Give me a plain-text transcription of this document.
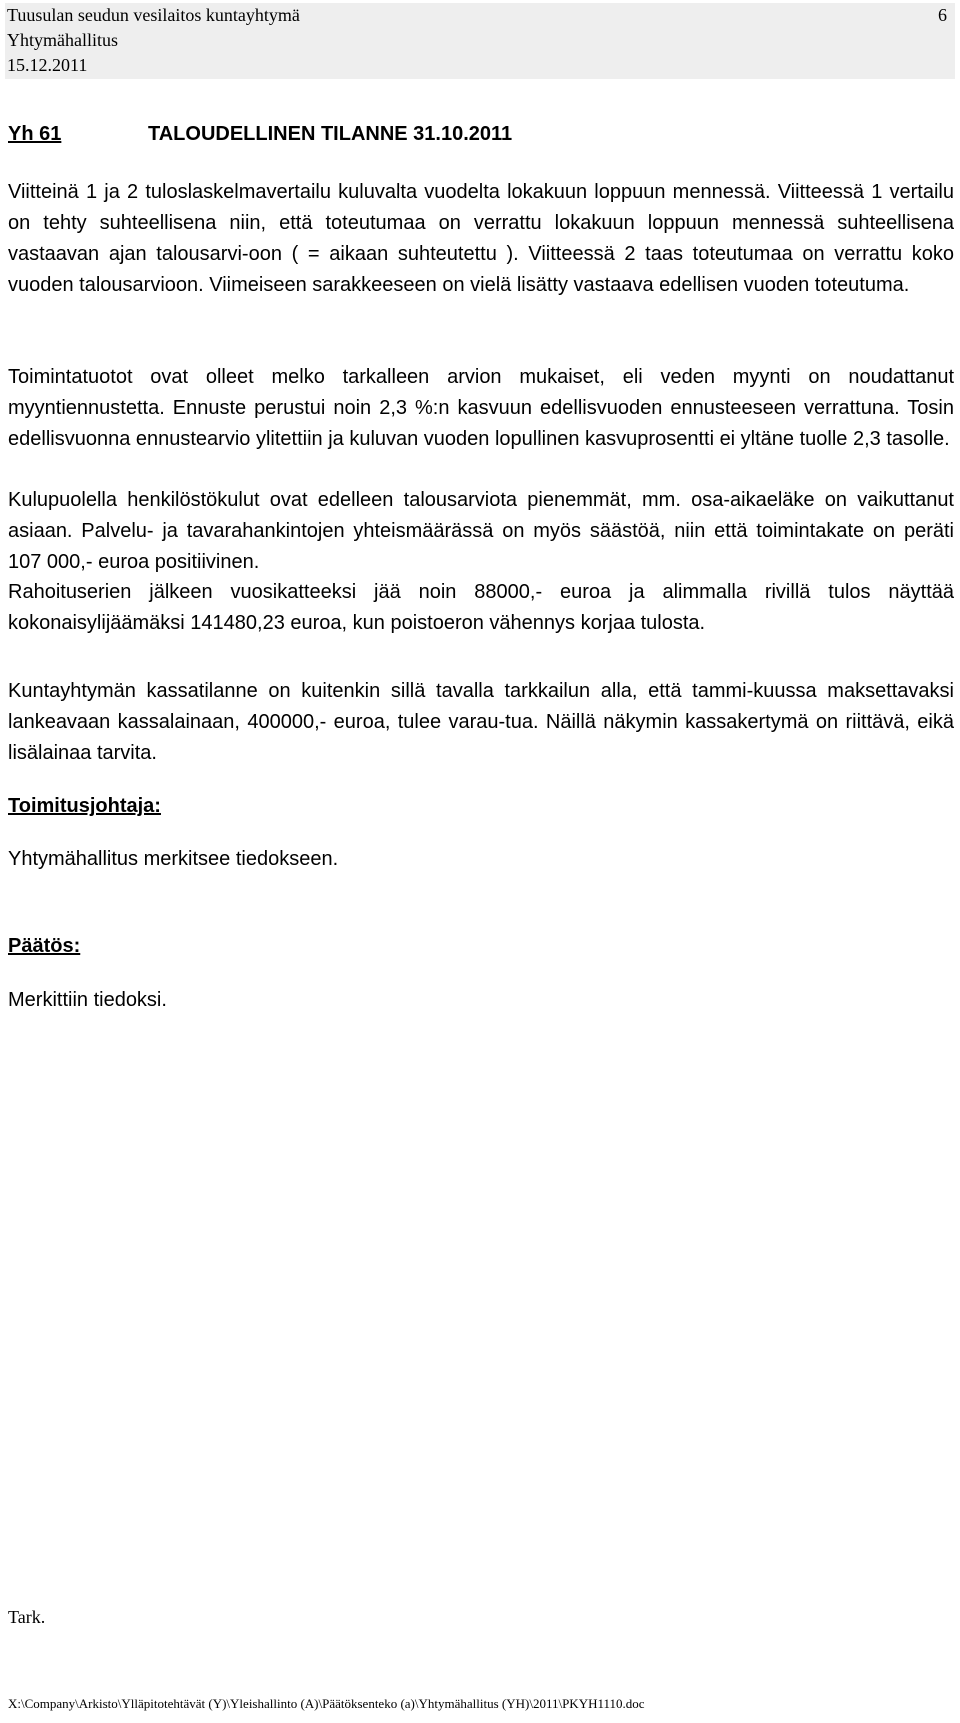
Tuusulan seudun vesilaitos kuntayhtymä
Yhtymähallitus
15.12.2011
6
Yh 61	TALOUDELLINEN TILANNE 31.10.2011
Viitteinä 1 ja 2 tuloslaskelmavertailu kuluvalta vuodelta lokakuun loppuun mennessä. Viitteessä 1 vertailu on tehty suhteellisena niin, että toteutumaa on verrattu lokakuun loppuun mennessä suhteellisena vastaavan ajan talousarvi-oon ( = aikaan suhteutettu ). Viitteessä 2 taas toteutumaa on verrattu koko vuoden talousarvioon. Viimeiseen sarakkeeseen on vielä lisätty vastaava edellisen vuoden toteutuma.
Toimintatuotot ovat olleet melko tarkalleen arvion mukaiset, eli veden myynti on noudattanut myyntiennustetta. Ennuste perustui noin 2,3 %:n kasvuun edellisvuoden ennusteeseen verrattuna. Tosin edellisvuonna ennustearvio ylitettiin ja kuluvan vuoden lopullinen kasvuprosentti ei yltäne tuolle 2,3 tasolle.
Kulupuolella henkilöstökulut ovat edelleen talousarviota pienemmät, mm. osa-aikaeläke on vaikuttanut asiaan. Palvelu- ja tavarahankintojen yhteismäärässä on myös säästöä, niin että toimintakate on peräti 107 000,- euroa positiivinen.
Rahoituserien jälkeen vuosikatteeksi jää noin 88000,- euroa ja alimmalla rivillä tulos näyttää kokonaisylijäämäksi 141480,23 euroa, kun poistoeron vähennys korjaa tulosta.
Kuntayhtymän kassatilanne on kuitenkin sillä tavalla tarkkailun alla, että tammi-kuussa maksettavaksi lankeavaan kassalainaan, 400000,- euroa, tulee varau-tua. Näillä näkymin kassakertymä on riittävä, eikä lisälainaa tarvita.
Toimitusjohtaja:
Yhtymähallitus merkitsee tiedokseen.
Päätös:
Merkittiin tiedoksi.
Tark.
X:\Company\Arkisto\Ylläpitotehtävät (Y)\Yleishallinto (A)\Päätöksenteko (a)\Yhtymähallitus (YH)\2011\PKYH1110.doc
